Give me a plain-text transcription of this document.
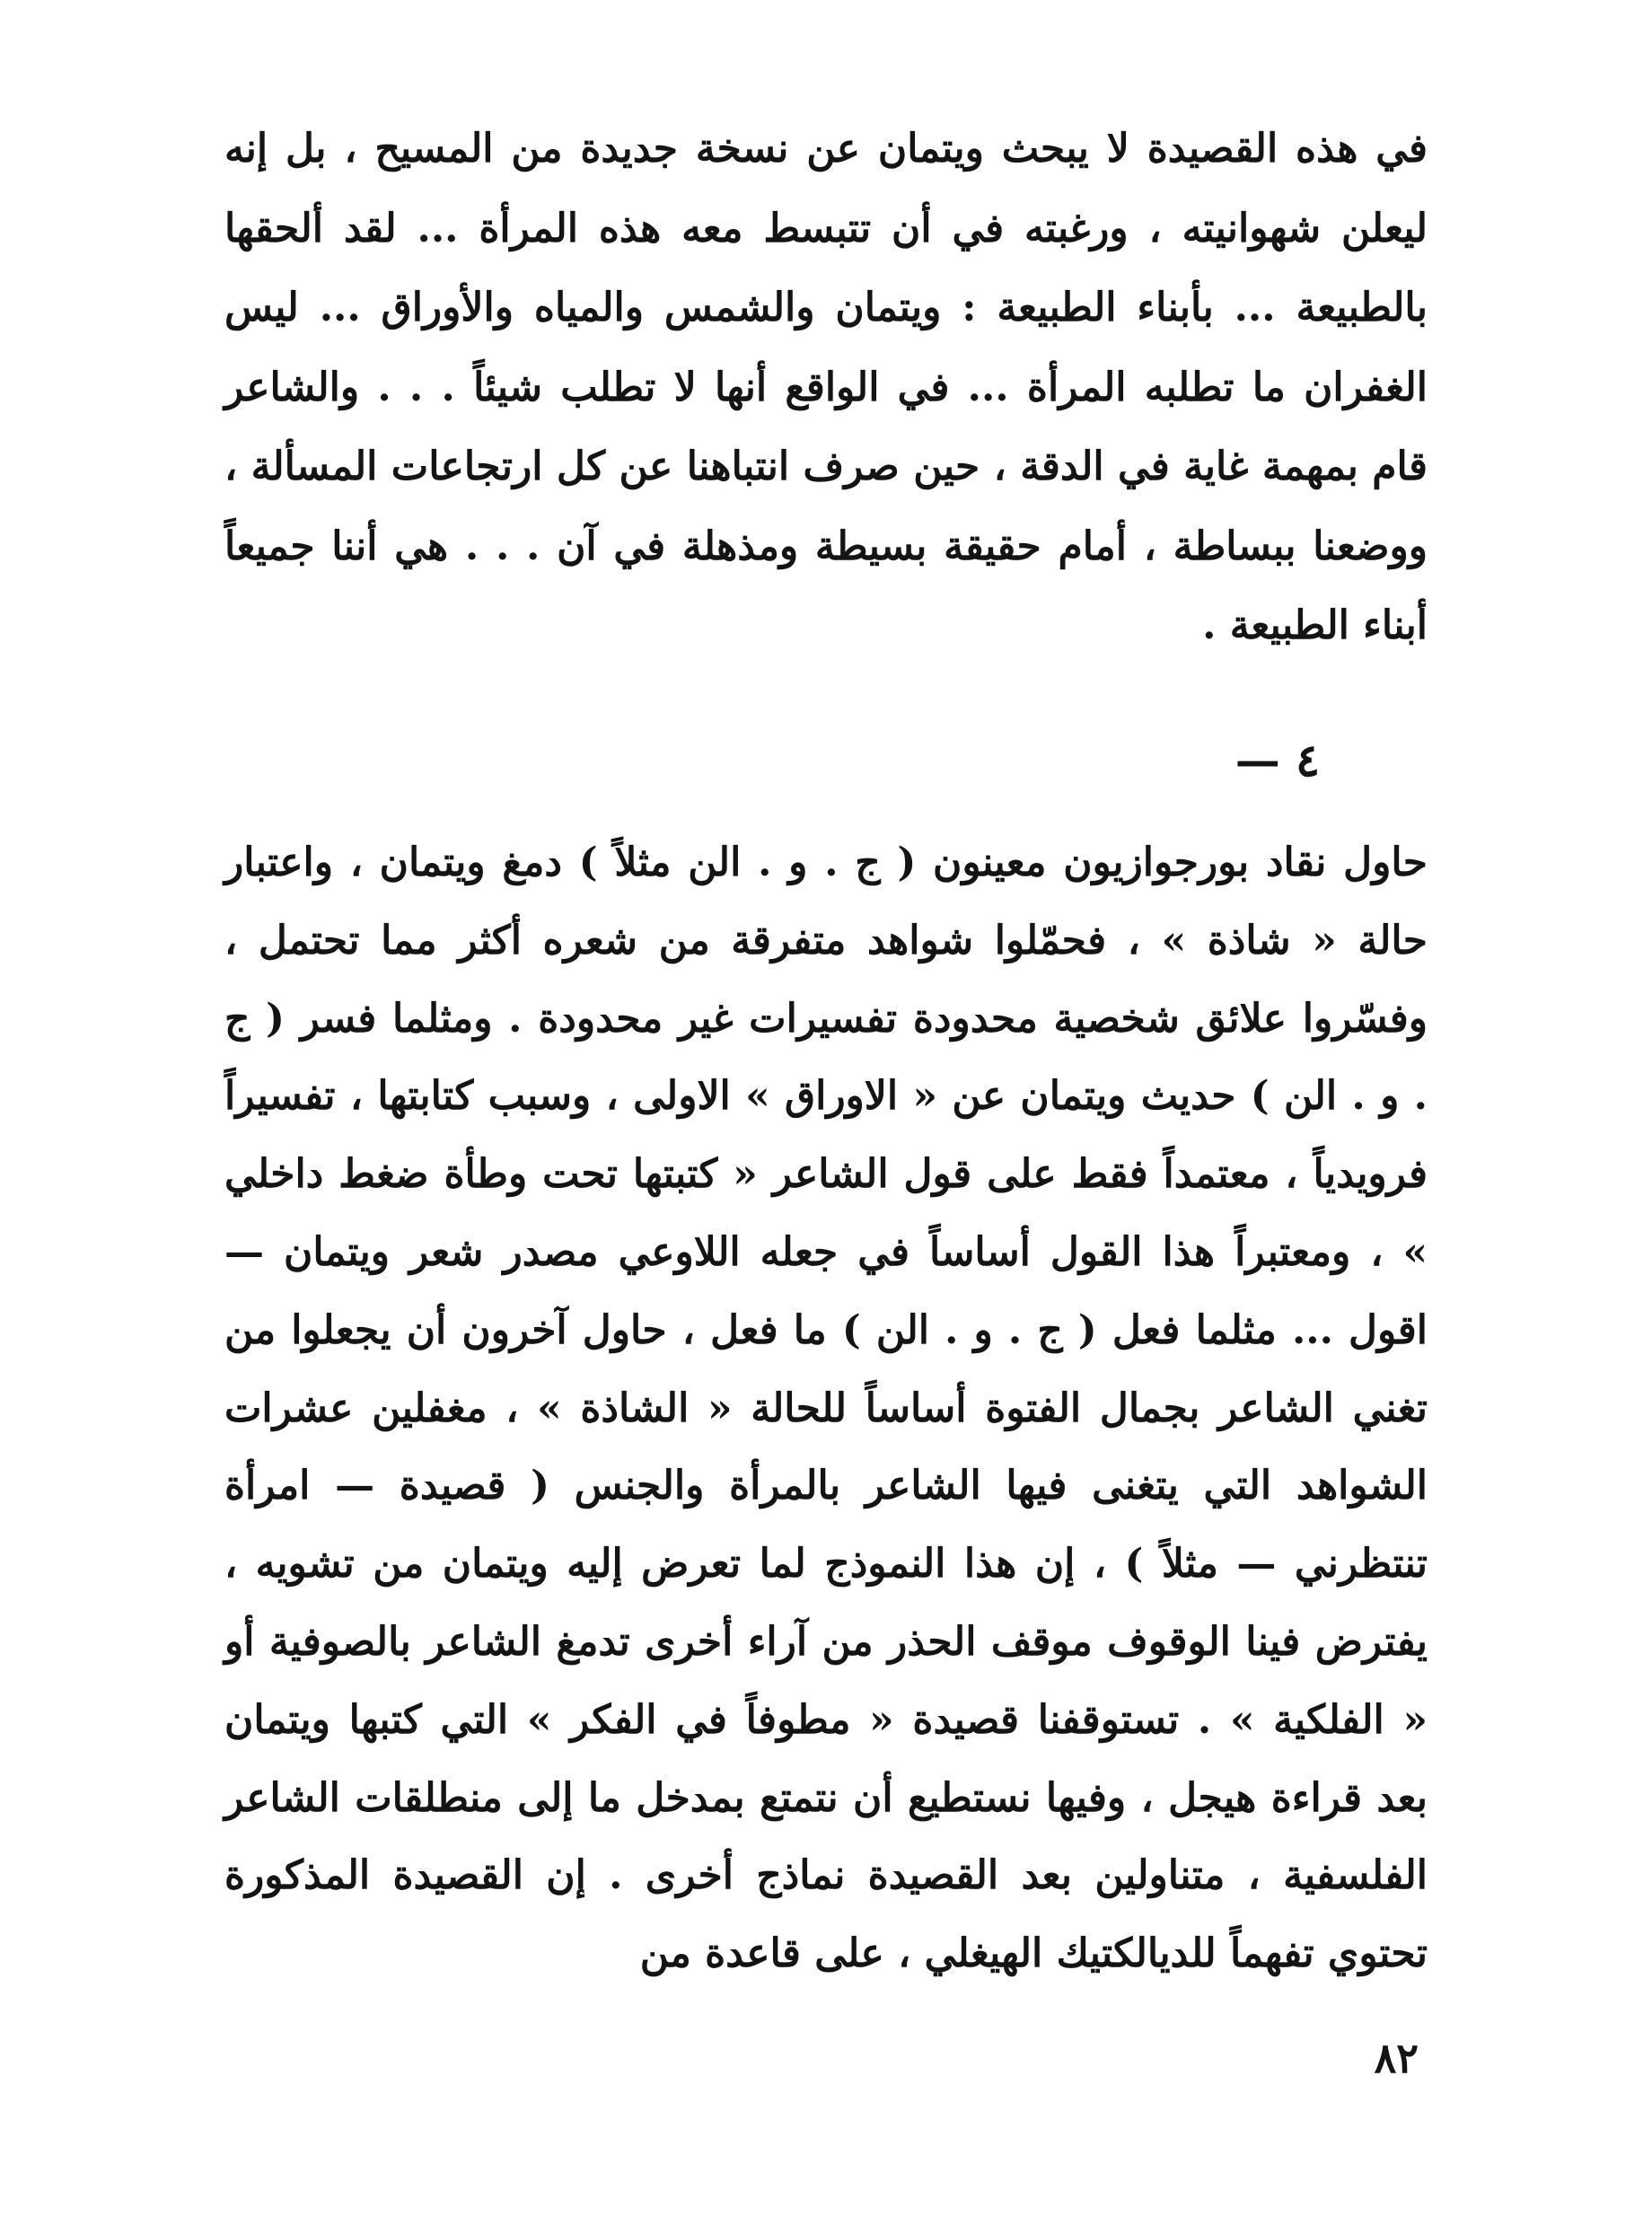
في هذه القصيدة لا يبحث ويتمان عن نسخة جديدة من المسيح ، بل إنه ليعلن شهوانيته ، ورغبته في أن تتبسط معه هذه المرأة ... لقد ألحقها بالطبيعة ... بأبناء الطبيعة : ويتمان والشمس والمياه والأوراق ... ليس الغفران ما تطلبه المرأة ... في الواقع أنها لا تطلب شيئاً . . . والشاعر قام بمهمة غاية في الدقة ، حين صرف انتباهنا عن كل ارتجاعات المسألة ، ووضعنا ببساطة ، أمام حقيقة بسيطة ومذهلة في آن . . . هي أننا جميعاً أبناء الطبيعة .

٤ —

حاول نقاد بورجوازيون معينون ( ج . و . الن مثلاً ) دمغ ويتمان ، واعتبار حالة « شاذة » ، فحمّلوا شواهد متفرقة من شعره أكثر مما تحتمل ، وفسّروا علائق شخصية محدودة تفسيرات غير محدودة . ومثلما فسر ( ج . و . الن ) حديث ويتمان عن « الاوراق » الاولى ، وسبب كتابتها ، تفسيراً فرويدياً ، معتمداً فقط على قول الشاعر « كتبتها تحت وطأة ضغط داخلي » ، ومعتبراً هذا القول أساساً في جعله اللاوعي مصدر شعر ويتمان — اقول ... مثلما فعل ( ج . و . الن ) ما فعل ، حاول آخرون أن يجعلوا من تغني الشاعر بجمال الفتوة أساساً للحالة « الشاذة » ، مغفلين عشرات الشواهد التي يتغنى فيها الشاعر بالمرأة والجنس ( قصيدة — امرأة تنتظرني — مثلاً ) ، إن هذا النموذج لما تعرض إليه ويتمان من تشويه ، يفترض فينا الوقوف موقف الحذر من آراء أخرى تدمغ الشاعر بالصوفية أو « الفلكية » . تستوقفنا قصيدة « مطوفاً في الفكر » التي كتبها ويتمان بعد قراءة هيجل ، وفيها نستطيع أن نتمتع بمدخل ما إلى منطلقات الشاعر الفلسفية ، متناولين بعد القصيدة نماذج أخرى . إن القصيدة المذكورة تحتوي تفهماً للديالكتيك الهيغلي ، على قاعدة من

٨٢
